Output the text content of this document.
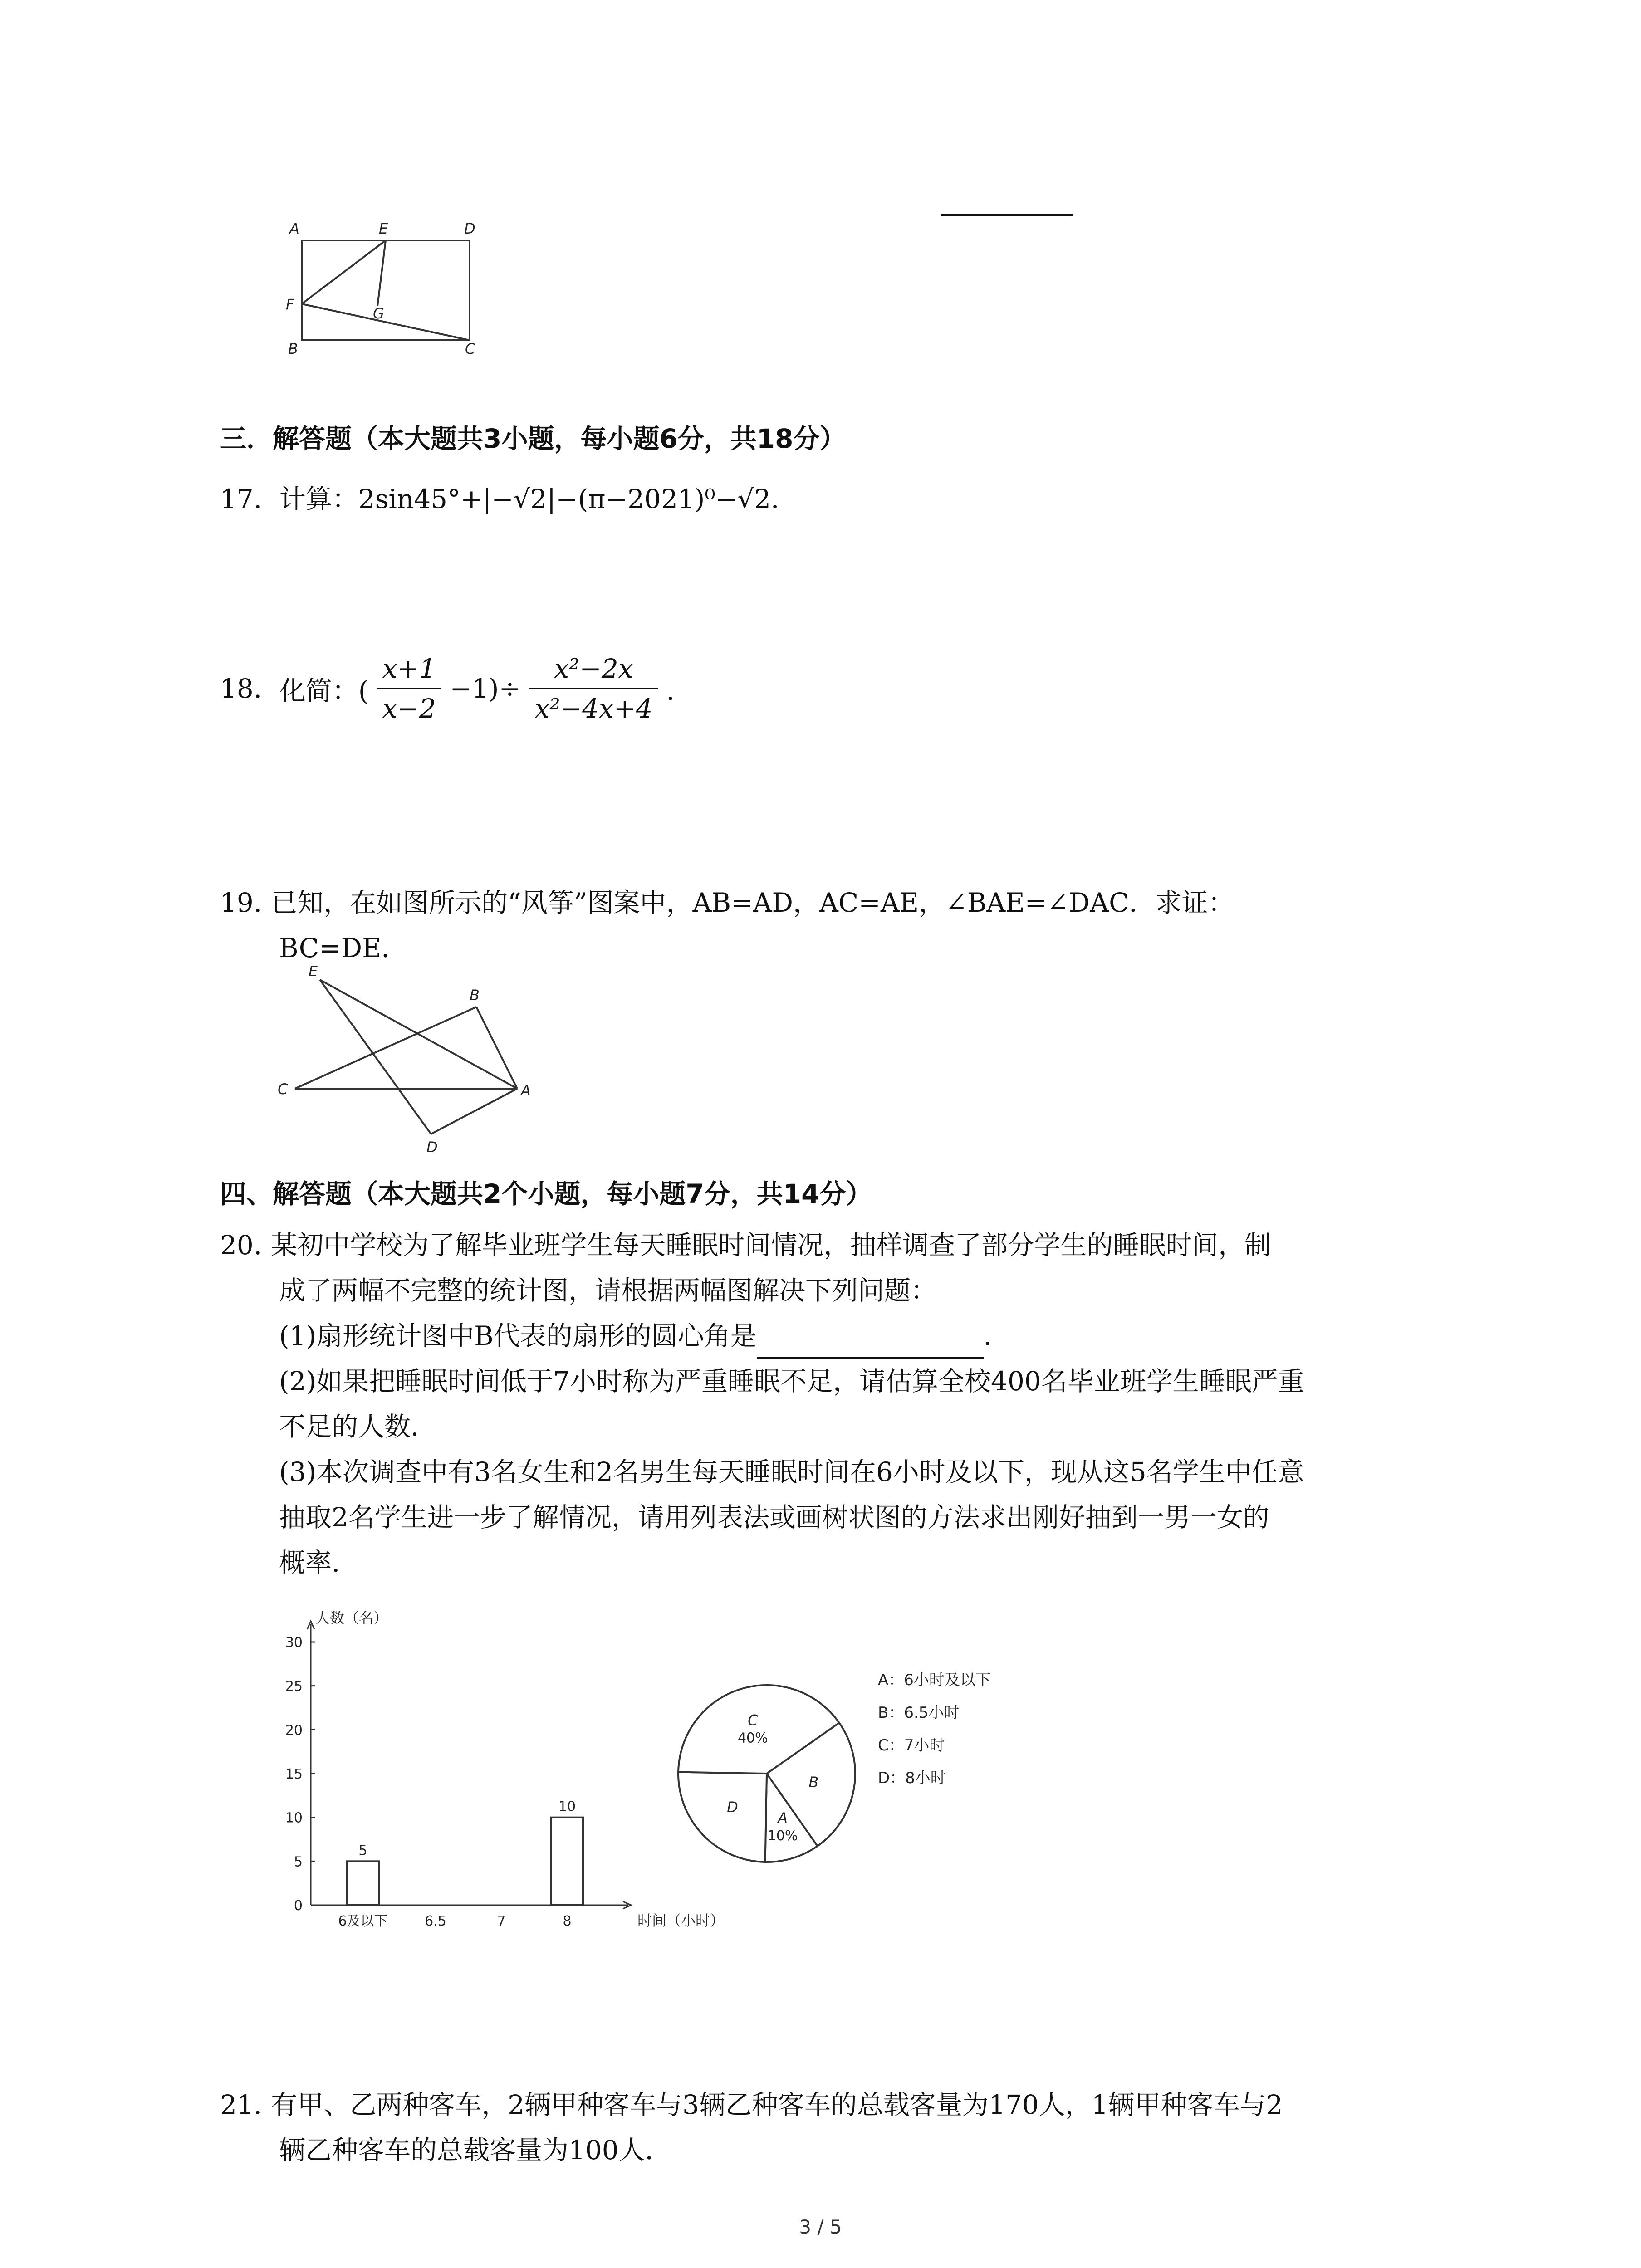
A	E	D
F
G
B	C
三．解答题（本大题共3小题，每小题6分，共18分）
17. 计算：2sin45°+|−√2|−(π−2021)⁰−√2．
18. 化简：( $\frac{x+1}{x-2} -1)\div \frac{\text{x²−2x}}{\text{x²−4x+4}}$ ．
19. 已知，在如图所示的“风筝”图案中，AB=AD，AC=AE，∠BAE=∠DAC．求证：
BC=DE．
E
B
C	A
D
四、解答题（本大题共2个小题，每小题7分，共14分）
20. 某初中学校为了解毕业班学生每天睡眠时间情况，抽样调查了部分学生的睡眠时间，制
成了两幅不完整的统计图，请根据两幅图解决下列问题：
(1)扇形统计图中B代表的扇形的圆心角是	．
(2)如果把睡眠时间低于7小时称为严重睡眠不足，请估算全校400名毕业班学生睡眠严重
不足的人数．
(3)本次调查中有3名女生和2名男生每天睡眠时间在6小时及以下，现从这5名学生中任意
抽取2名学生进一步了解情况，请用列表法或画树状图的方法求出刚好抽到一男一女的
概率．
0
5
10
15
20
25
30
人数（名）
时间（小时）
6及以下
5
6.5	7	8
10
A
10%
D
C
40%
B
A：6小时及以下
B：6.5小时
C：7小时
D：8小时
21. 有甲、乙两种客车，2辆甲种客车与3辆乙种客车的总载客量为170人，1辆甲种客车与2
辆乙种客车的总载客量为100人．
3 / 5
